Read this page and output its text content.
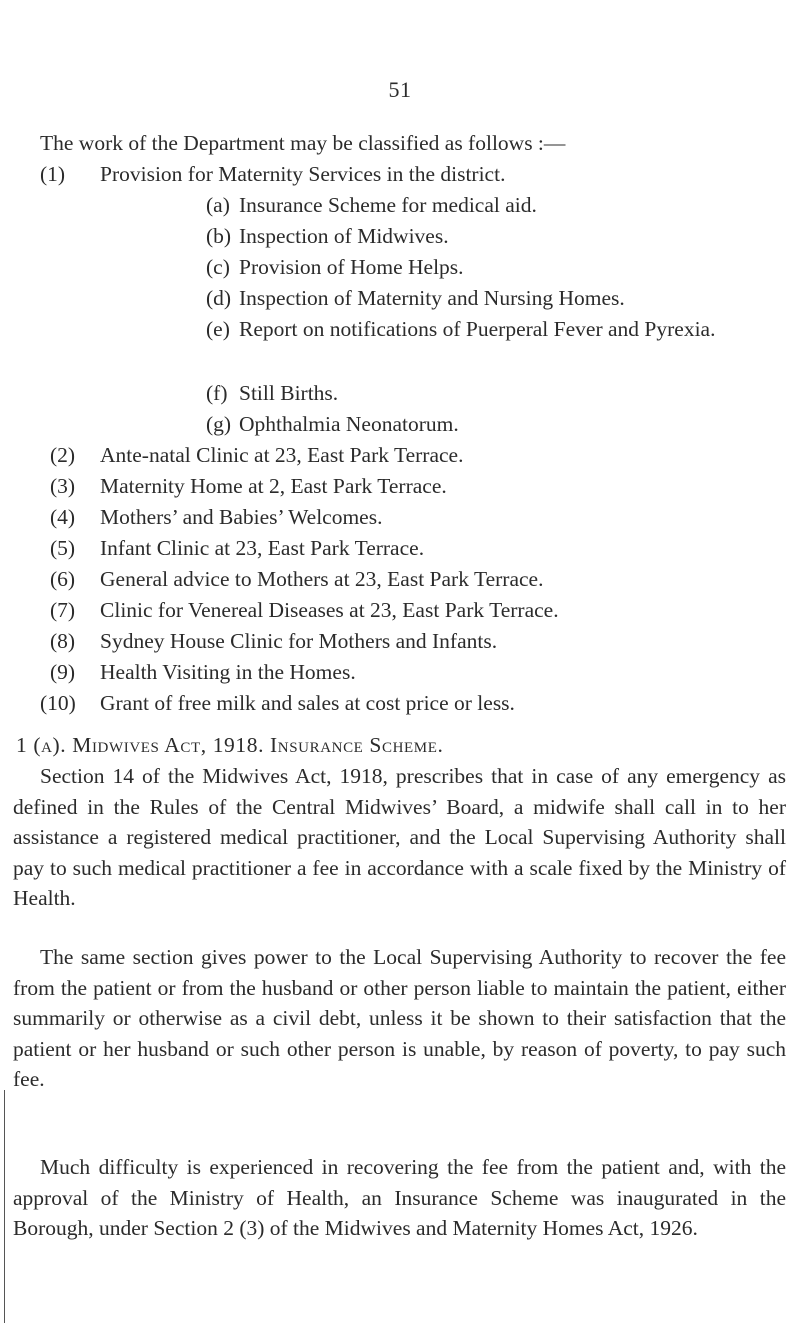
51
The work of the Department may be classified as follows :—
(1) Provision for Maternity Services in the district.
(a) Insurance Scheme for medical aid.
(b) Inspection of Midwives.
(c) Provision of Home Helps.
(d) Inspection of Maternity and Nursing Homes.
(e) Report on notifications of Puerperal Fever and Pyrexia.
(f) Still Births.
(g) Ophthalmia Neonatorum.
(2) Ante-natal Clinic at 23, East Park Terrace.
(3) Maternity Home at 2, East Park Terrace.
(4) Mothers’ and Babies’ Welcomes.
(5) Infant Clinic at 23, East Park Terrace.
(6) General advice to Mothers at 23, East Park Terrace.
(7) Clinic for Venereal Diseases at 23, East Park Terrace.
(8) Sydney House Clinic for Mothers and Infants.
(9) Health Visiting in the Homes.
(10) Grant of free milk and sales at cost price or less.
1 (a). Midwives Act, 1918. Insurance Scheme.
Section 14 of the Midwives Act, 1918, prescribes that in case of any emergency as defined in the Rules of the Central Midwives’ Board, a midwife shall call in to her assistance a registered medical practitioner, and the Local Supervising Authority shall pay to such medical practitioner a fee in accordance with a scale fixed by the Ministry of Health.
The same section gives power to the Local Supervising Authority to recover the fee from the patient or from the husband or other person liable to maintain the patient, either summarily or otherwise as a civil debt, unless it be shown to their satisfaction that the patient or her husband or such other person is unable, by reason of poverty, to pay such fee.
Much difficulty is experienced in recovering the fee from the patient and, with the approval of the Ministry of Health, an Insurance Scheme was inaugurated in the Borough, under Section 2 (3) of the Midwives and Maternity Homes Act, 1926.
